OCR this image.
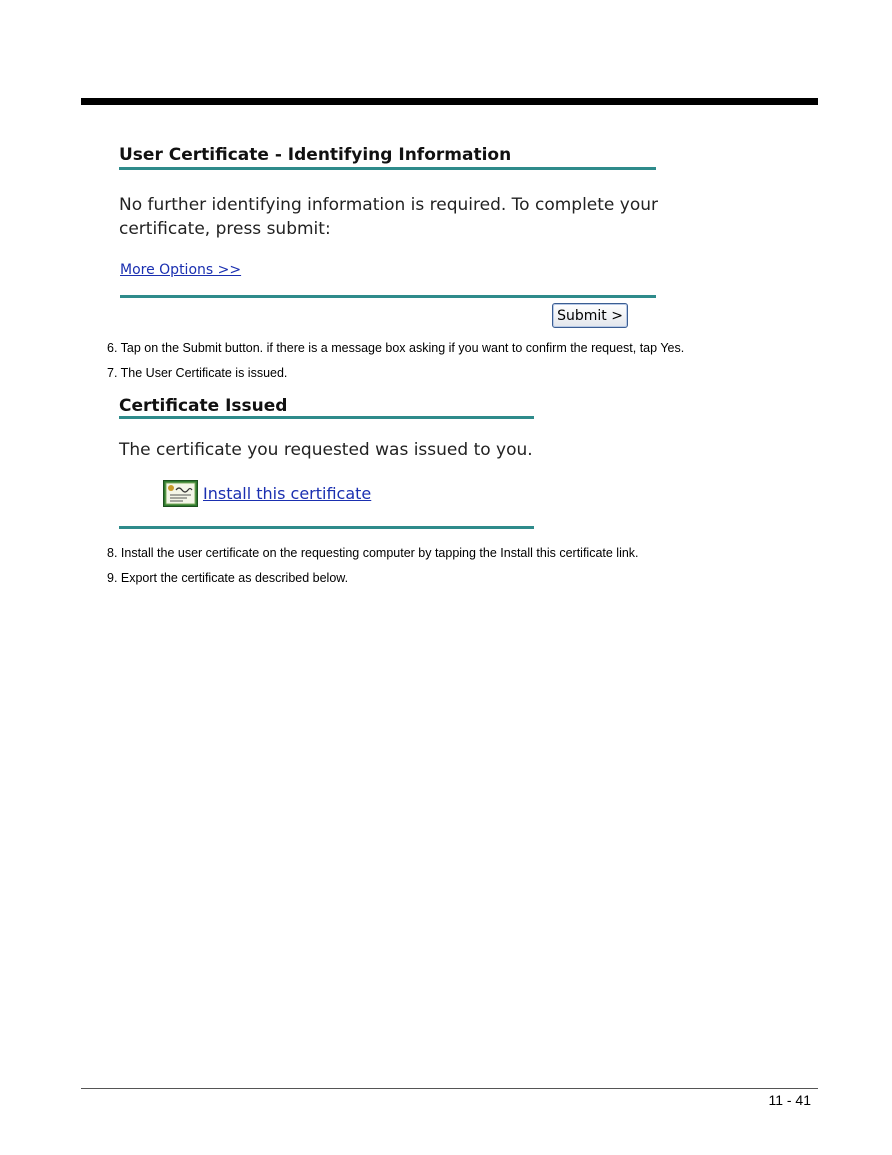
User Certificate - Identifying Information
No further identifying information is required. To complete your
certificate, press submit:
More Options >>
Submit >
6. Tap on the Submit button. if there is a message box asking if you want to confirm the request, tap Yes.
7. The User Certificate is issued.
Certificate Issued
The certificate you requested was issued to you.
Install this certificate
8. Install the user certificate on the requesting computer by tapping the Install this certificate link.
9. Export the certificate as described below.
11 - 41
